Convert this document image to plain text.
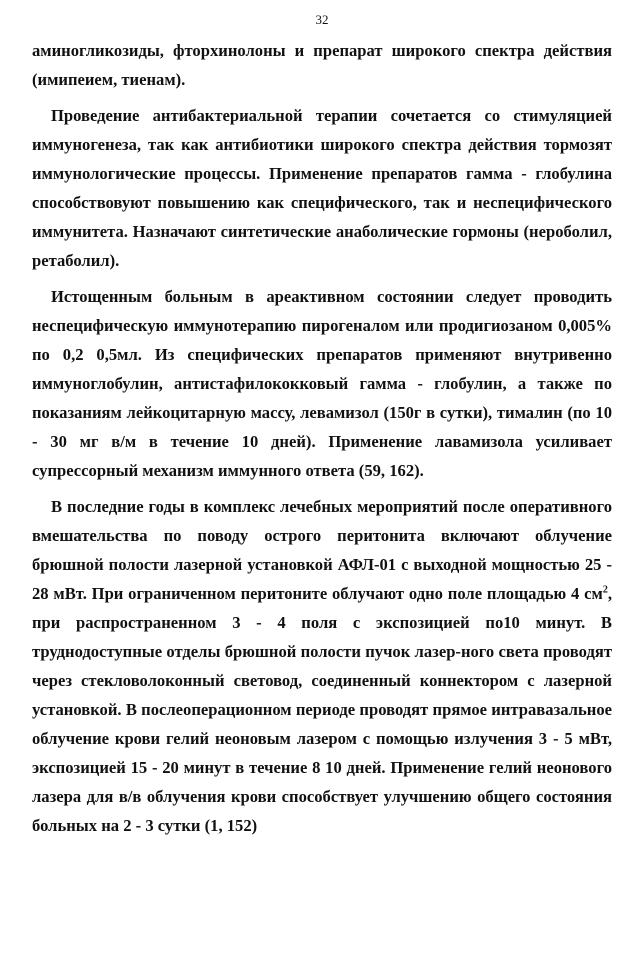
32

аминогликозиды, фторхинолоны и препарат широкого спектра действия (имипеием, тиенам).

Проведение антибактериальной терапии сочетается со стимуляцией иммуногенеза, так как антибиотики широкого спектра действия тормозят иммунологические процессы. Применение препаратов гамма - глобулина способствовуют повышению как специфического, так и неспецифического иммунитета. Назначают синтетические анаболические гормоны (нероболил, ретаболил).

Истощенным больным в ареактивном состоянии следует проводить неспецифическую иммунотерапию пирогеналом или продигиозаном 0,005% по 0,2 0,5мл. Из специфических препаратов применяют внутривенно иммуноглобулин, антистафилококковый гамма - глобулин, а также по показаниям лейкоцитарную массу, левамизол (150г в сутки), тималин (по 10 - 30 мг в/м в течение 10 дней). Применение лавамизола усиливает супрессорный механизм иммунного ответа (59, 162).

В последние годы в комплекс лечебных мероприятий после оперативного вмешательства по поводу острого перитонита включают облучение брюшной полости лазерной установкой АФЛ-01 с выходной мощностью 25 - 28 мВт. При ограниченном перитоните облучают одно поле площадью 4 $см^2$, при распространенном 3 - 4 поля с экспозицией по10 минут. В труднодоступные отделы брюшной полости пучок лазер-ного света проводят через стекловолоконный световод, соединенный коннектором с лазерной установкой. В послеоперационном периоде проводят прямое интравазальное облучение крови гелий неоновым лазером с помощью излучения 3 - 5 мВт, экспозицией 15 - 20 минут в течение 8 10 дней. Применение гелий неонового лазера для в/в облучения крови способствует улучшению общего состояния больных на 2 - 3 сутки (1, 152)
